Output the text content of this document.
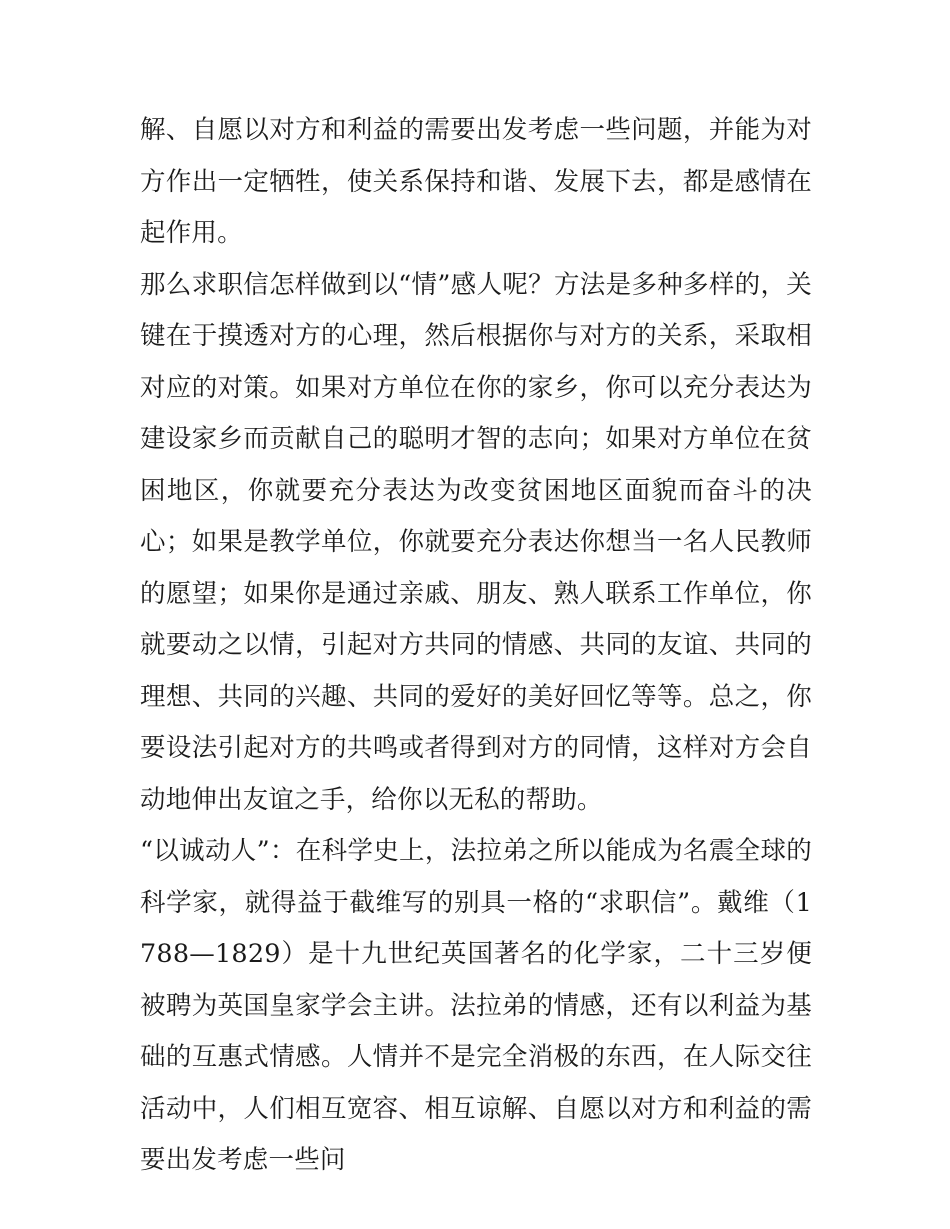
解、自愿以对方和利益的需要出发考虑一些问题，并能为对方作出一定牺牲，使关系保持和谐、发展下去，都是感情在起作用。

那么求职信怎样做到以“情”感人呢？方法是多种多样的，关键在于摸透对方的心理，然后根据你与对方的关系，采取相对应的对策。如果对方单位在你的家乡，你可以充分表达为建设家乡而贡献自己的聪明才智的志向；如果对方单位在贫困地区，你就要充分表达为改变贫困地区面貌而奋斗的决心；如果是教学单位，你就要充分表达你想当一名人民教师的愿望；如果你是通过亲戚、朋友、熟人联系工作单位，你就要动之以情，引起对方共同的情感、共同的友谊、共同的理想、共同的兴趣、共同的爱好的美好回忆等等。总之，你要设法引起对方的共鸣或者得到对方的同情，这样对方会自动地伸出友谊之手，给你以无私的帮助。

“以诚动人”：在科学史上，法拉弟之所以能成为名震全球的科学家，就得益于截维写的别具一格的“求职信”。戴维（1788—1829）是十九世纪英国著名的化学家，二十三岁便被聘为英国皇家学会主讲。法拉弟的情感，还有以利益为基础的互惠式情感。人情并不是完全消极的东西，在人际交往活动中，人们相互宽容、相互谅解、自愿以对方和利益的需要出发考虑一些问
